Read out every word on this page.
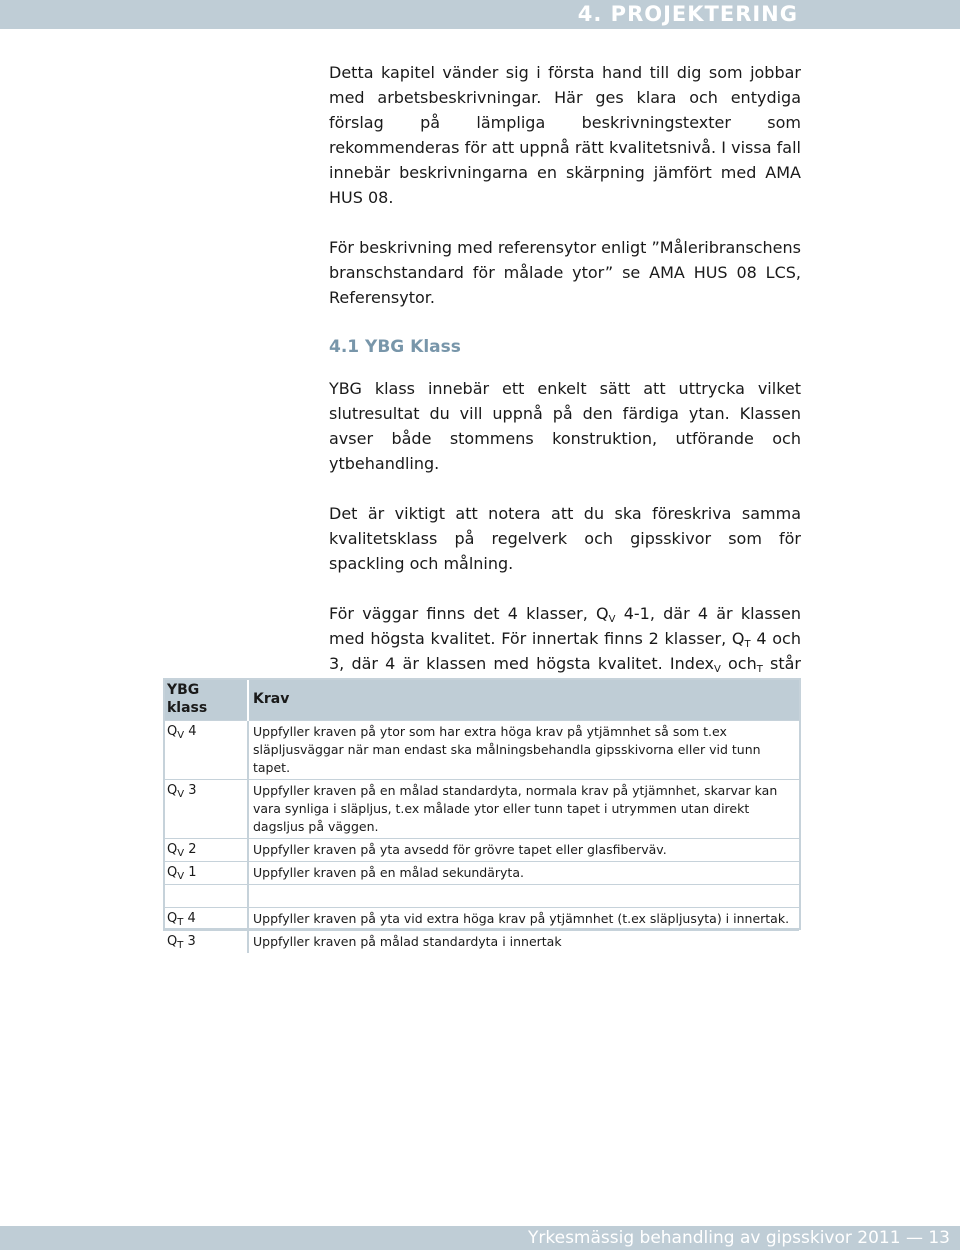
4. PROJEKTERING

Detta kapitel vänder sig i första hand till dig som jobbar med arbetsbeskrivningar. Här ges klara och entydiga förslag på lämpliga beskrivningstexter som rekommenderas för att uppnå rätt kvalitetsnivå. I vissa fall innebär beskrivningarna en skärpning jämfört med AMA HUS 08.

För beskrivning med referensytor enligt ”Måleribranschens branschstandard för målade ytor” se AMA HUS 08 LCS, Referensytor.

4.1 YBG Klass

YBG klass innebär ett enkelt sätt att uttrycka vilket slutresultat du vill uppnå på den färdiga ytan. Klassen avser både stommens konstruktion, utförande och ytbehandling.

Det är viktigt att notera att du ska föreskriva samma kvalitetsklass på regelverk och gipsskivor som för spackling och målning.

För väggar finns det 4 klasser, $Q_V$ 4-1, där 4 är klassen med högsta kvalitet. För innertak finns 2 klasser, $Q_T$ 4 och 3, där 4 är klassen med högsta kvalitet. Index$_V$ och$_T$ står

YBG klass	Krav
$Q_V$ 4	Uppfyller kraven på ytor som har extra höga krav på ytjämnhet så som t.ex släpljusväggar när man endast ska målningsbehandla gipsskivorna eller vid tunn tapet.
$Q_V$ 3	Uppfyller kraven på en målad standardyta, normala krav på ytjämnhet, skarvar kan vara synliga i släpljus, t.ex målade ytor eller tunn tapet i utrymmen utan direkt dagsljus på väggen.
$Q_V$ 2	Uppfyller kraven på yta avsedd för grövre tapet eller glasfiberväv.
$Q_V$ 1	Uppfyller kraven på en målad sekundäryta.

$Q_T$ 4	Uppfyller kraven på yta vid extra höga krav på ytjämnhet (t.ex släpljusyta) i innertak.
$Q_T$ 3	Uppfyller kraven på målad standardyta i innertak
Yrkesmässig behandling av gipsskivor 2011 — 13
